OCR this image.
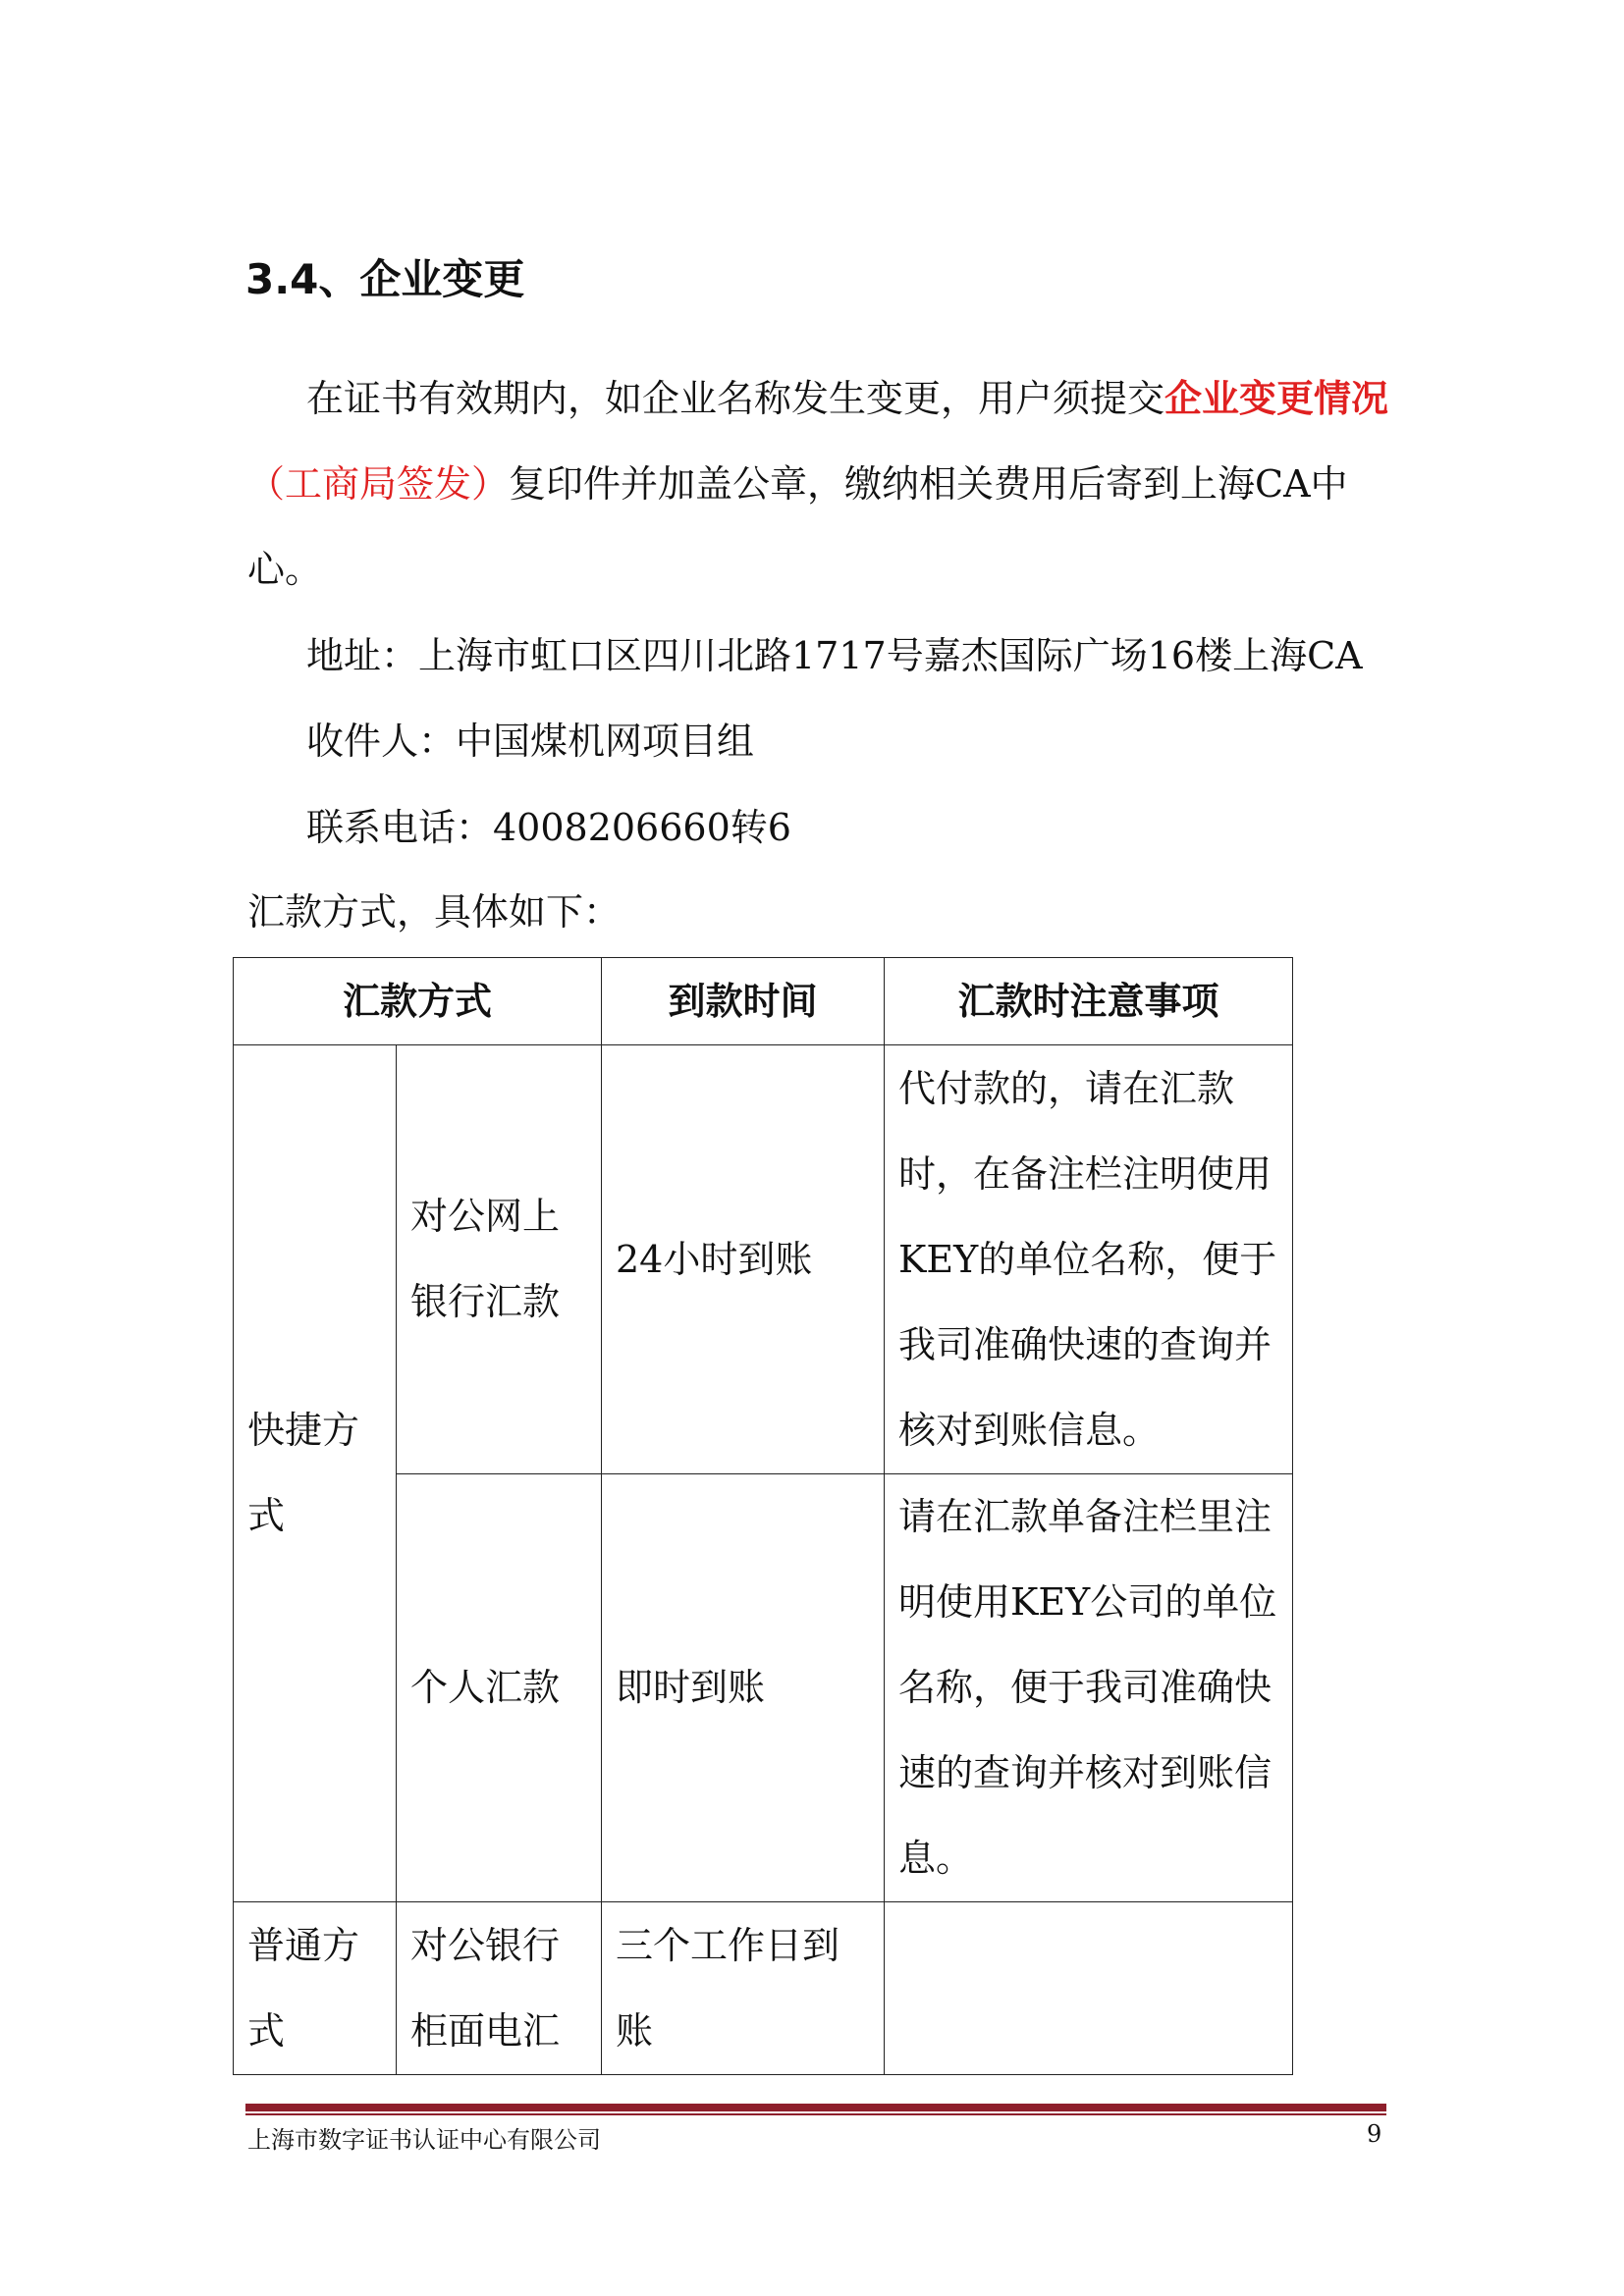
3.4、企业变更

在证书有效期内，如企业名称发生变更，用户须提交企业变更情况（工商局签发）复印件并加盖公章，缴纳相关费用后寄到上海CA中心。

地址：上海市虹口区四川北路1717号嘉杰国际广场16楼上海CA

收件人：中国煤机网项目组

联系电话：4008206660转6

汇款方式，具体如下：

汇款方式		到款时间	汇款时注意事项
快捷方式	对公网上银行汇款	24小时到账	代付款的，请在汇款时，在备注栏注明使用KEY的单位名称，便于我司准确快速的查询并核对到账信息。
	个人汇款	即时到账	请在汇款单备注栏里注明使用KEY公司的单位名称，便于我司准确快速的查询并核对到账信息。
普通方式	对公银行柜面电汇	三个工作日到账	
上海市数字证书认证中心有限公司	9
